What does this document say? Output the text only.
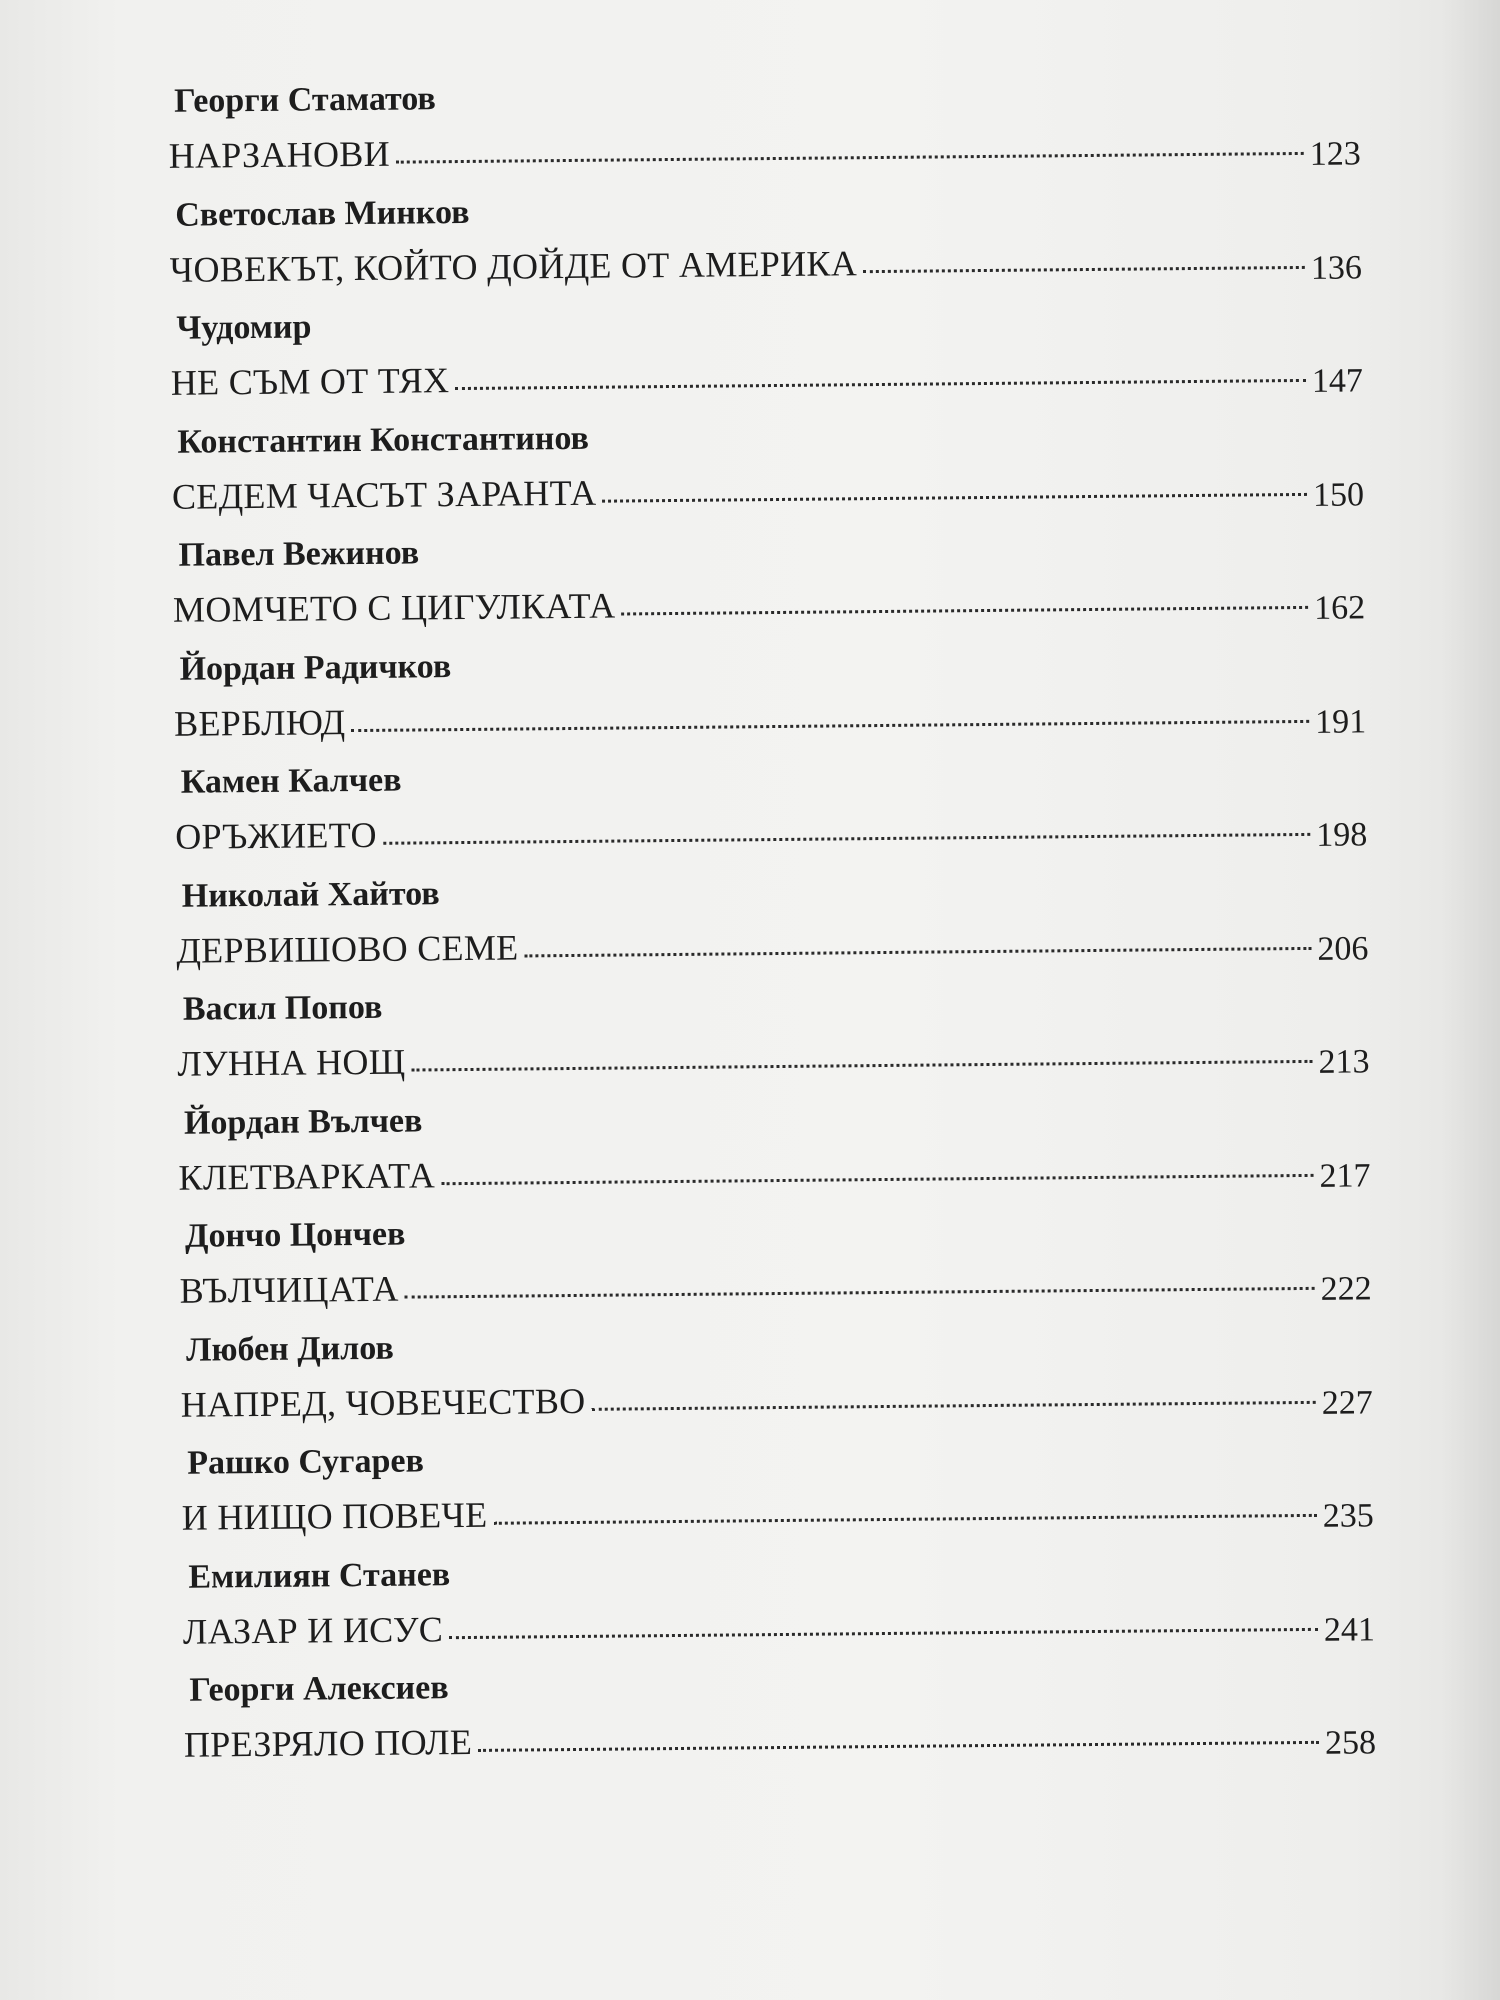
Георги Стаматов
НАРЗАНОВИ	123
Светослав Минков
ЧОВЕКЪТ, КОЙТО ДОЙДЕ ОТ АМЕРИКА	136
Чудомир
НЕ СЪМ ОТ ТЯХ	147
Константин Константинов
СЕДЕМ ЧАСЪТ ЗАРАНТА	150
Павел Вежинов
МОМЧЕТО С ЦИГУЛКАТА	162
Йордан Радичков
ВЕРБЛЮД	191
Камен Калчев
ОРЪЖИЕТО	198
Николай Хайтов
ДЕРВИШОВО СЕМЕ	206
Васил Попов
ЛУННА НОЩ	213
Йордан Вълчев
КЛЕТВАРКАТА	217
Дончо Цончев
ВЪЛЧИЦАТА	222
Любен Дилов
НАПРЕД, ЧОВЕЧЕСТВО	227
Рашко Сугарев
И НИЩО ПОВЕЧЕ	235
Емилиян Станев
ЛАЗАР И ИСУС	241
Георги Алексиев
ПРЕЗРЯЛО ПОЛЕ	258
